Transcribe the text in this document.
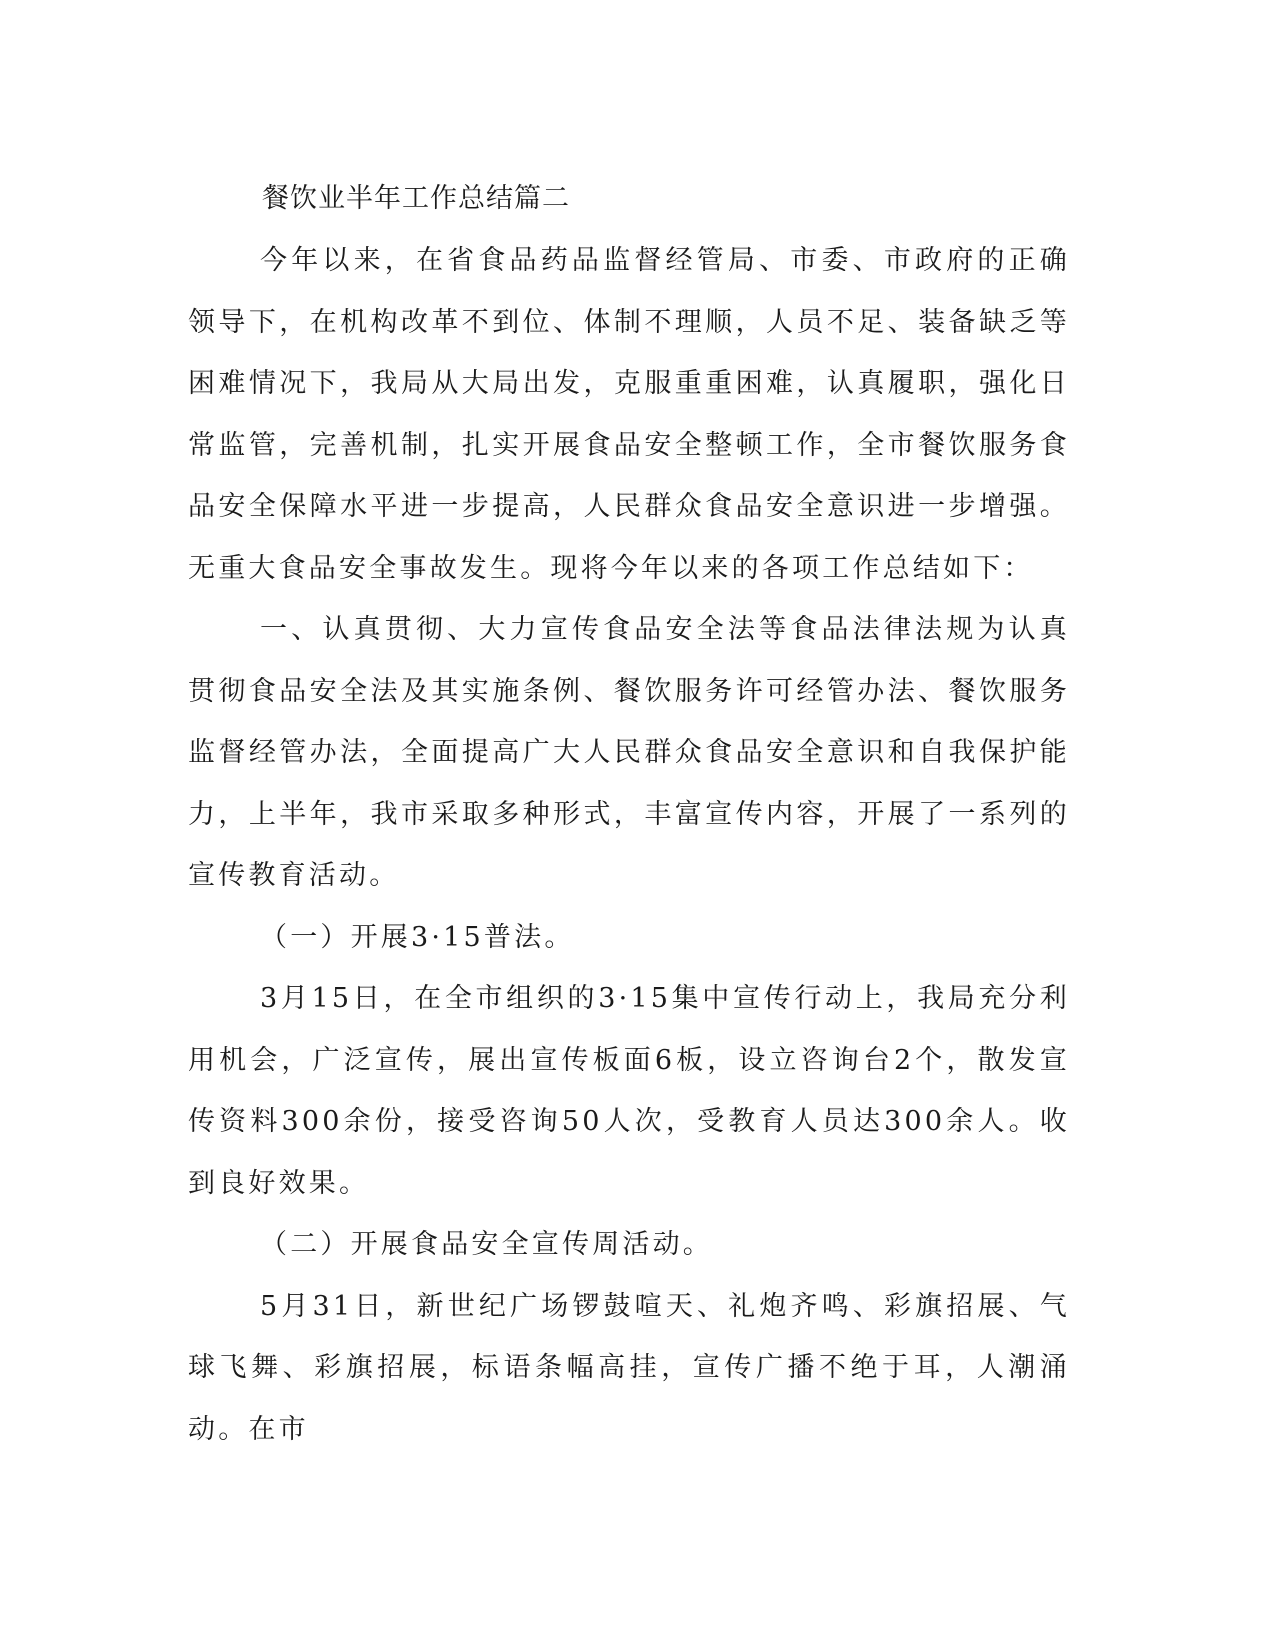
餐饮业半年工作总结篇二

今年以来，在省食品药品监督经管局、市委、市政府的正确领导下，在机构改革不到位、体制不理顺，人员不足、装备缺乏等困难情况下，我局从大局出发，克服重重困难，认真履职，强化日常监管，完善机制，扎实开展食品安全整顿工作，全市餐饮服务食品安全保障水平进一步提高，人民群众食品安全意识进一步增强。无重大食品安全事故发生。现将今年以来的各项工作总结如下：

一、认真贯彻、大力宣传食品安全法等食品法律法规为认真贯彻食品安全法及其实施条例、餐饮服务许可经管办法、餐饮服务监督经管办法，全面提高广大人民群众食品安全意识和自我保护能力，上半年，我市采取多种形式，丰富宣传内容，开展了一系列的宣传教育活动。

（一）开展3·15普法。

3月15日，在全市组织的3·15集中宣传行动上，我局充分利用机会，广泛宣传，展出宣传板面6板，设立咨询台2个，散发宣传资料300余份，接受咨询50人次，受教育人员达300余人。收到良好效果。

（二）开展食品安全宣传周活动。

5月31日，新世纪广场锣鼓喧天、礼炮齐鸣、彩旗招展、气球飞舞、彩旗招展，标语条幅高挂，宣传广播不绝于耳，人潮涌动。在市
